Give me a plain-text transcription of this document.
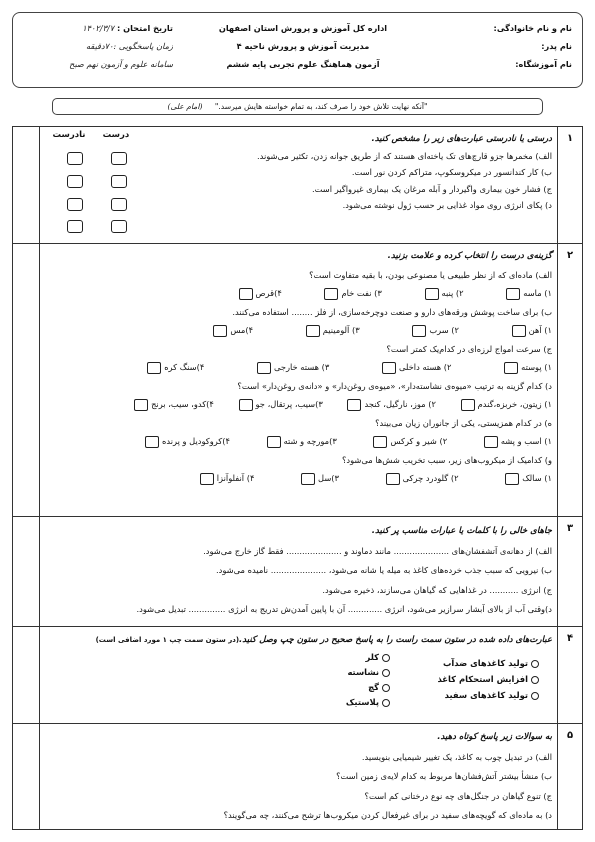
نام و نام خانوادگی:
نام پدر:
نام آموزشگاه:
اداره کل آموزش و پرورش استان اصفهان
مدیریت آموزش و پرورش ناحیه ۴
آزمون هماهنگ علوم تجربی پایه ششم
تاریخ امتحان : ۱۴۰۲/۳/۷
زمان پاسخگویی :۷۰دقیقه
سامانه علوم و آزمون نهم صبح
"آنکه نهایت تلاش خود را صرف کند، به تمام خواسته هایش میرسد." (امام علی)
۱
درست نادرست	درستی یا نادرستی عبارت‌های زیر را مشخص کنید.
الف) مخمرها جزو قارچ‌های تک یاخته‌ای هستند که از طریق جوانه زدن، تکثیر می‌شوند.
ب) کار کندانسور در میکروسکوپ، متراکم کردن نور است.
ج) فشار خون بیماری واگیردار و آبله مرغان یک بیماری غیرواگیر است.
د) پکای انرژی روی مواد غذایی بر حسب ژول نوشته می‌شود.
۲
گزینه‌ی درست را انتخاب کرده و علامت بزنید.
الف) ماده‌ای که از نظر طبیعی یا مصنوعی بودن، با بقیه متفاوت است؟
۱) ماسه ۲) پنبه ۳) نفت خام ۴)قرص
ب) برای ساخت پوشش ورقه‌های دارو و صنعت دوچرخه‌سازی، از فلز ........ استفاده می‌کنند.
۱) آهن ۲) سرب ۳) آلومینیم ۴)مس
ج) سرعت امواج لرزه‌ای در کدام‌یک کمتر است؟
۱) پوسته ۲) هسته داخلی ۳) هسته خارجی ۴)سنگ کره
د) کدام گزینه به ترتیب «میوه‌ی نشاسته‌دار»، «میوه‌ی روغن‌دار» و «دانه‌ی روغن‌دار» است؟
۱) زیتون، خربزه،گندم ۲) موز، نارگیل، کنجد ۳)سیب، پرتقال، جو ۴)کدو، سیب، برنج
ه) در کدام همزیستی، یکی از جانوران زیان می‌بیند؟
۱) اسب و پشه ۲) شیر و کرکس ۳)مورچه و شته ۴)کروکودیل و پرنده
و) کدامیک از میکروب‌های زیر، سبب تخریب شش‌ها می‌شود؟
۱) سالک ۲) گلودرد چرکی ۳)سل ۴) آنفلوآنزا
۳
جاهای خالی را با کلمات یا عبارات مناسب پر کنید.
الف) از دهانه‌ی آتشفشان‌های ..................... مانند دماوند و ..................... فقط گاز خارج می‌شود.
ب) نیرویی که سبب جذب خرده‌های کاغذ به میله یا شانه می‌شود، ..................... نامیده می‌شود.
ج) انرژی ........... در غذاهایی که گیاهان می‌سازند، ذخیره می‌شود.
د)وقتی آب از بالای آبشار سرازیر می‌شود، انرژی ............. آن با پایین آمدن‌ش تدریج به انرژی .............. تبدیل می‌شود.
۴
عبارت‌های داده شده در ستون سمت راست را به پاسخ صحیح در ستون چپ وصل کنید.(در ستون سمت چپ ۱ مورد اضافی است)
تولید کاغذهای ضدآب
افزایش استحکام کاغذ
تولید کاغذهای سفید
کلر
نشاسته
گچ
پلاستیک
۵
به سوالات زیر پاسخ کوتاه دهید.
الف) در تبدیل چوب به کاغذ، یک تغییر شیمیایی بنویسید.
ب) منشأ بیشتر آتش‌فشان‌ها مربوط به کدام لایه‌ی زمین است؟
ج) تنوع گیاهان در جنگل‌های چه نوع درختانی کم است؟
د) به ماده‌ای که گویچه‌های سفید در برای غیرفعال کردن میکروب‌ها ترشح می‌کنند، چه می‌گویند؟
